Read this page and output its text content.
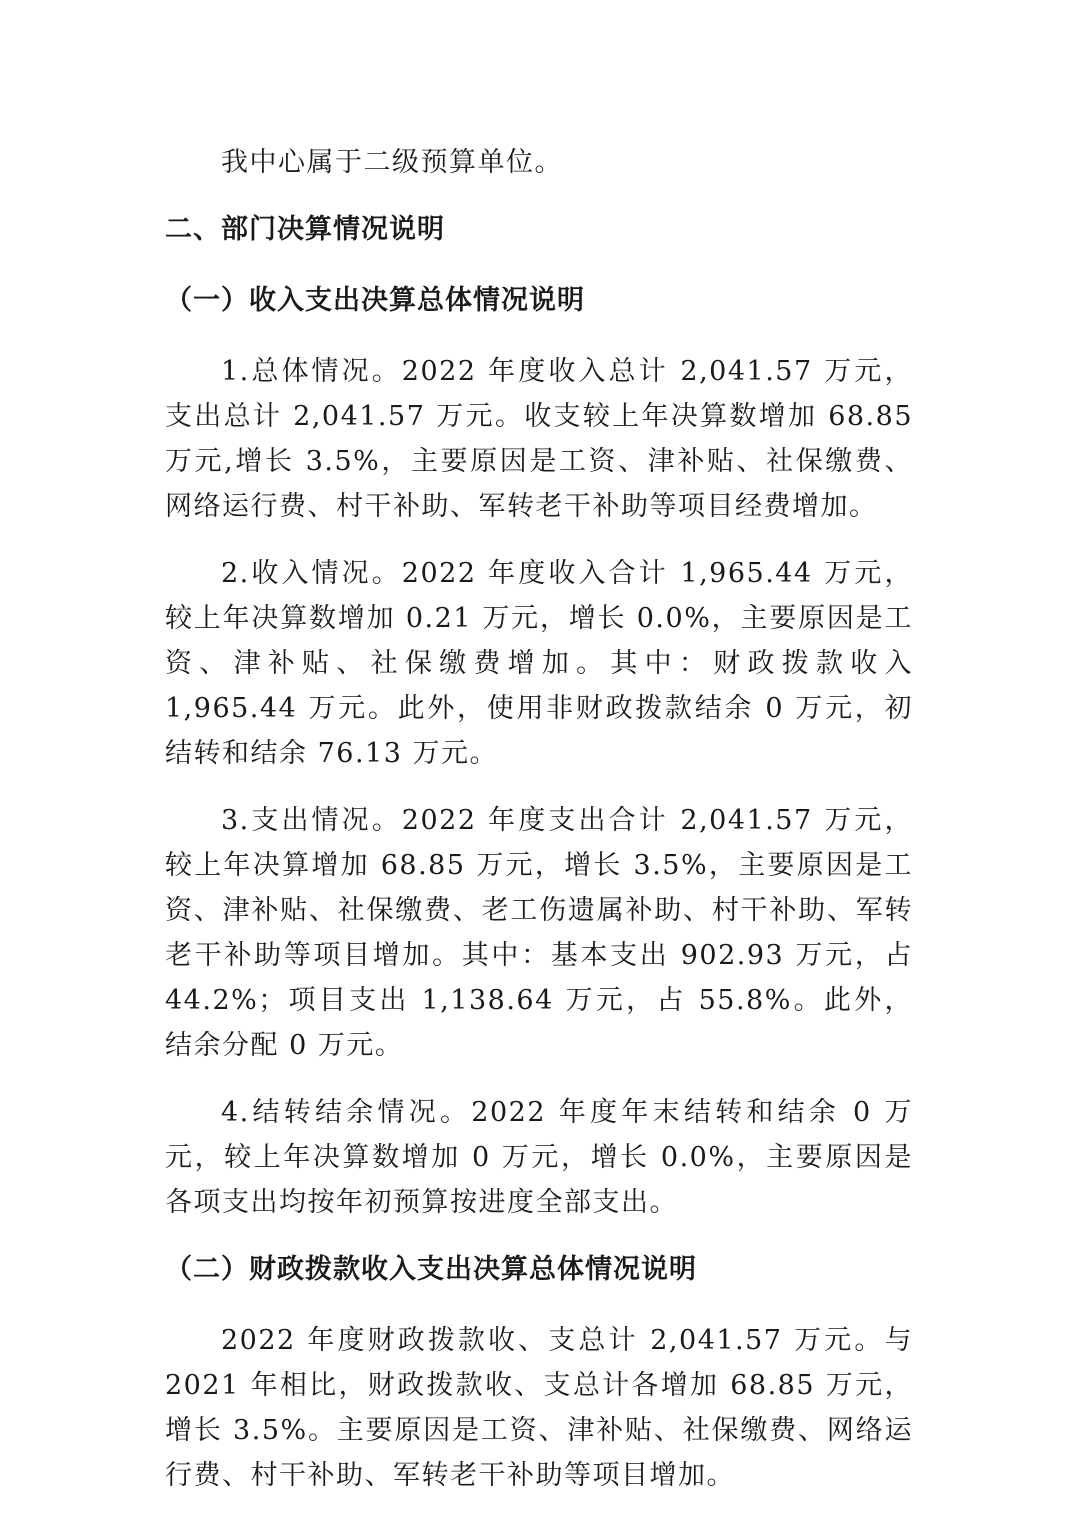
我中心属于二级预算单位。

二、部门决算情况说明

（一）收入支出决算总体情况说明

1.总体情况。2022 年度收入总计 2,041.57 万元，支出总计 2,041.57 万元。收支较上年决算数增加 68.85 万元,增长 3.5%，主要原因是工资、津补贴、社保缴费、网络运行费、村干补助、军转老干补助等项目经费增加。

2.收入情况。2022 年度收入合计 1,965.44 万元，较上年决算数增加 0.21 万元，增长 0.0%，主要原因是工资、津补贴、社保缴费增加。其中：财政拨款收入 1,965.44 万元。此外，使用非财政拨款结余 0 万元，初结转和结余 76.13 万元。

3.支出情况。2022 年度支出合计 2,041.57 万元，较上年决算增加 68.85 万元，增长 3.5%，主要原因是工资、津补贴、社保缴费、老工伤遗属补助、村干补助、军转老干补助等项目增加。其中：基本支出 902.93 万元，占 44.2%；项目支出 1,138.64 万元，占 55.8%。此外，结余分配 0 万元。

4.结转结余情况。2022 年度年末结转和结余 0 万元，较上年决算数增加 0 万元，增长 0.0%，主要原因是各项支出均按年初预算按进度全部支出。

（二）财政拨款收入支出决算总体情况说明

2022 年度财政拨款收、支总计 2,041.57 万元。与 2021 年相比，财政拨款收、支总计各增加 68.85 万元，增长 3.5%。主要原因是工资、津补贴、社保缴费、网络运行费、村干补助、军转老干补助等项目增加。
